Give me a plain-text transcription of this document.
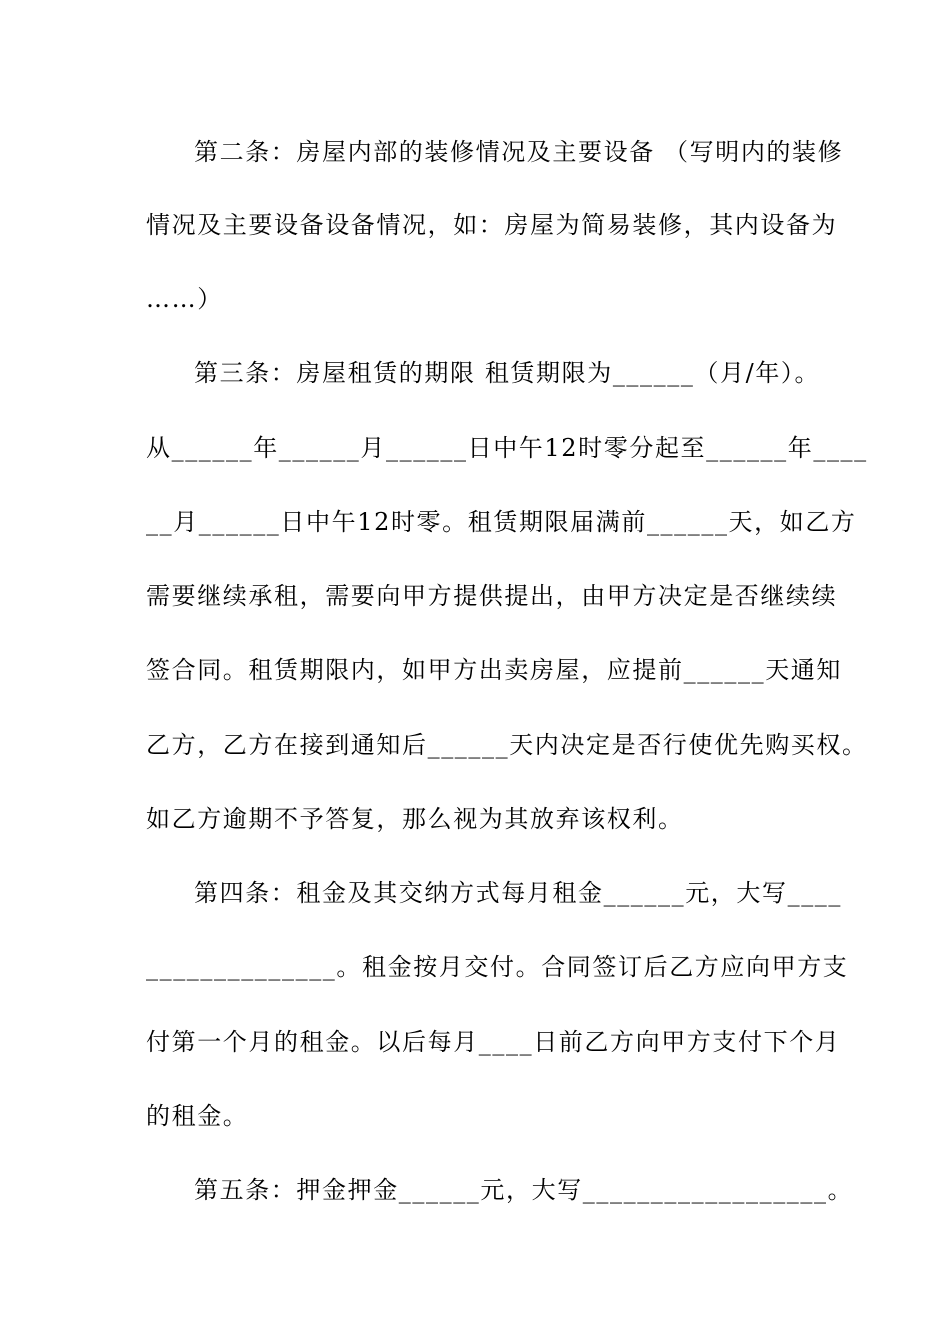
第二条：房屋内部的装修情况及主要设备 （写明内的装修
情况及主要设备设备情况，如：房屋为简易装修，其内设备为
……）
第三条：房屋租赁的期限 租赁期限为______（月/年）。
从______年______月______日中午12时零分起至______年____
__月______日中午12时零。租赁期限届满前______天，如乙方
需要继续承租，需要向甲方提供提出，由甲方决定是否继续续
签合同。租赁期限内，如甲方出卖房屋，应提前______天通知
乙方，乙方在接到通知后______天内决定是否行使优先购买权。
如乙方逾期不予答复，那么视为其放弃该权利。
第四条：租金及其交纳方式每月租金______元，大写____
______________。租金按月交付。合同签订后乙方应向甲方支
付第一个月的租金。以后每月____日前乙方向甲方支付下个月
的租金。
第五条：押金押金______元，大写__________________。
